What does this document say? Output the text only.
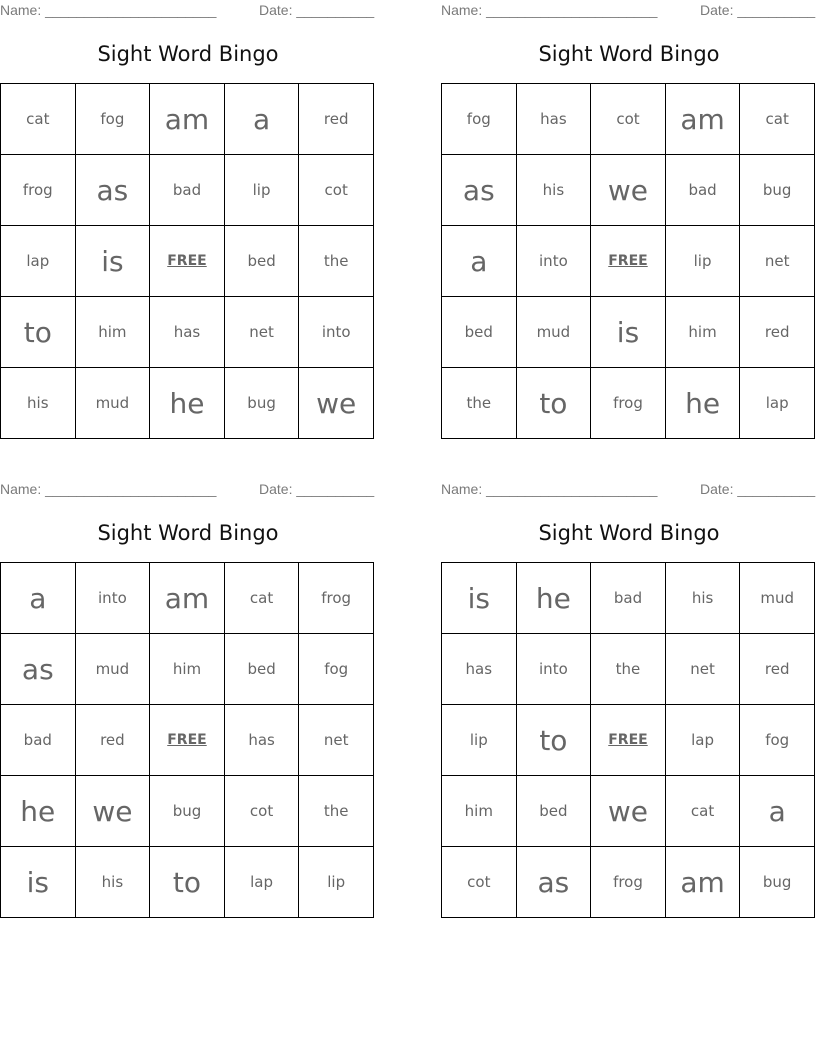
Name: ______________________	Date: __________
Sight Word Bingo
cat	fog	am	a	red
frog	as	bad	lip	cot
lap	is	FREE	bed	the
to	him	has	net	into
his	mud	he	bug	we
Name: ______________________	Date: __________
Sight Word Bingo
fog	has	cot	am	cat
as	his	we	bad	bug
a	into	FREE	lip	net
bed	mud	is	him	red
the	to	frog	he	lap
Name: ______________________	Date: __________
Sight Word Bingo
a	into	am	cat	frog
as	mud	him	bed	fog
bad	red	FREE	has	net
he	we	bug	cot	the
is	his	to	lap	lip
Name: ______________________	Date: __________
Sight Word Bingo
is	he	bad	his	mud
has	into	the	net	red
lip	to	FREE	lap	fog
him	bed	we	cat	a
cot	as	frog	am	bug
